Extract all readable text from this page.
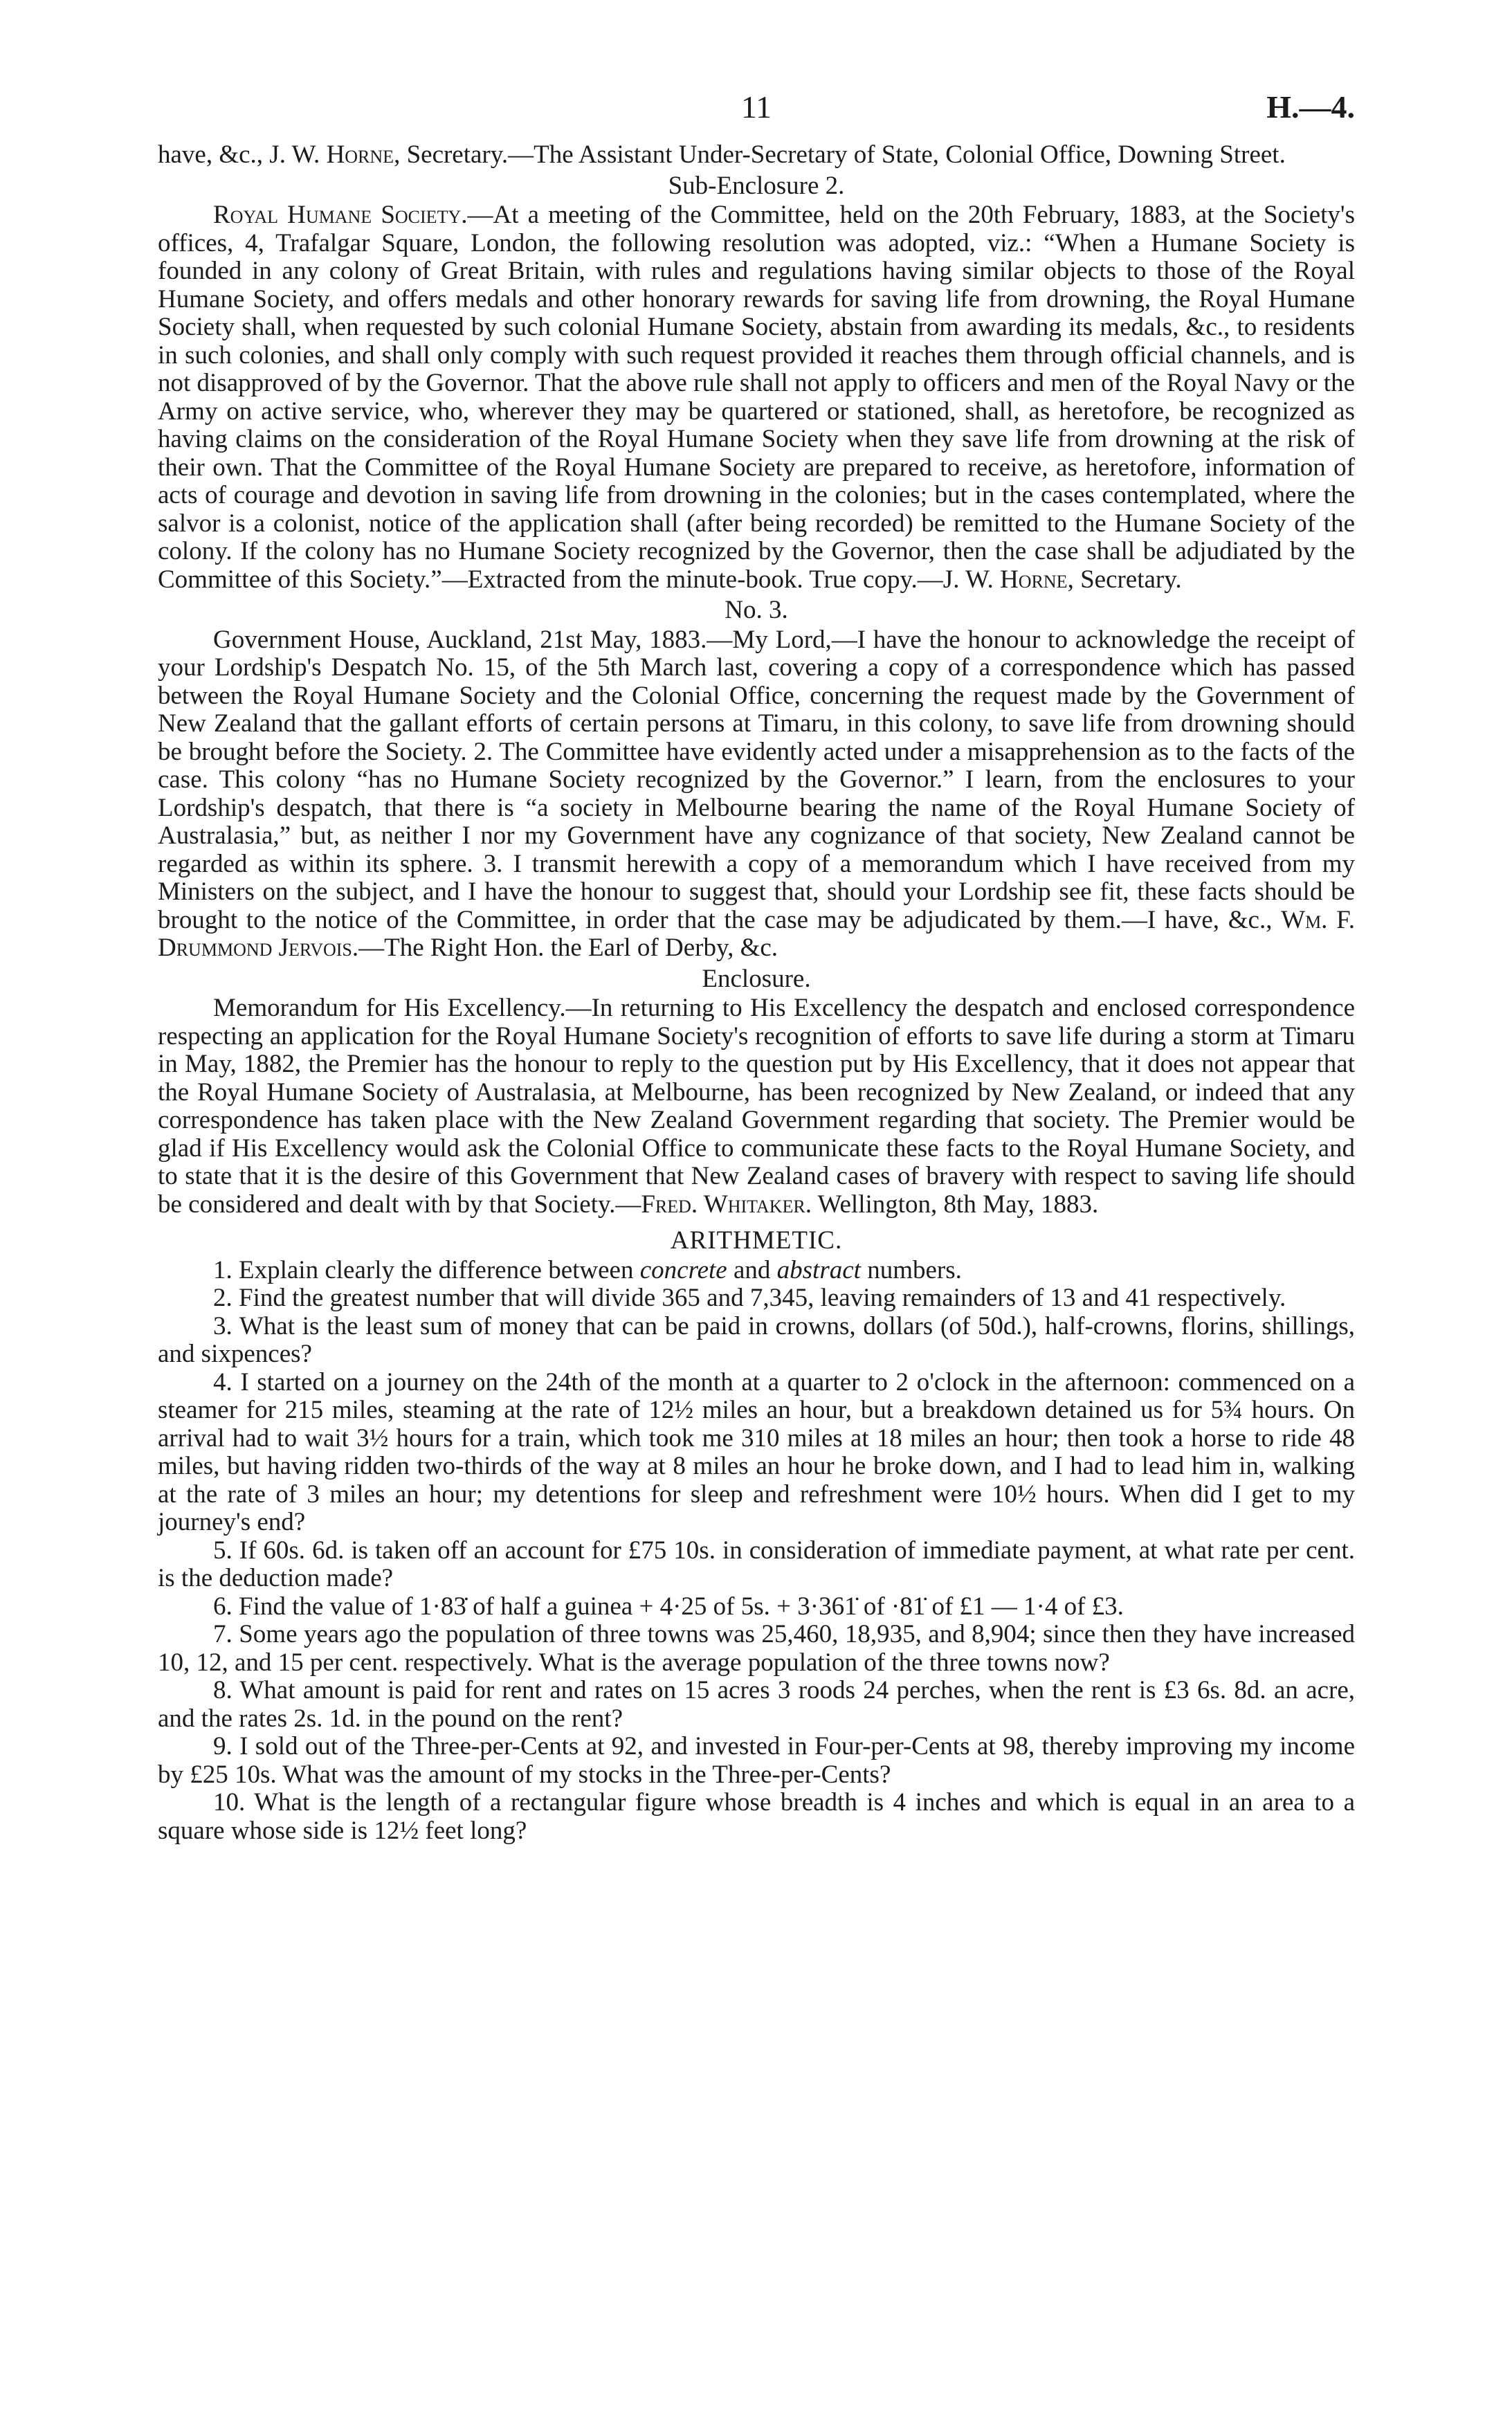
11	H.—4.

have, &c., J. W. Horne, Secretary.—The Assistant Under-Secretary of State, Colonial Office, Downing Street.

Sub-Enclosure 2.

Royal Humane Society.—At a meeting of the Committee, held on the 20th February, 1883, at the Society's offices, 4, Trafalgar Square, London, the following resolution was adopted, viz.: “When a Humane Society is founded in any colony of Great Britain, with rules and regulations having similar objects to those of the Royal Humane Society, and offers medals and other honorary rewards for saving life from drowning, the Royal Humane Society shall, when requested by such colonial Humane Society, abstain from awarding its medals, &c., to residents in such colonies, and shall only comply with such request provided it reaches them through official channels, and is not disapproved of by the Governor. That the above rule shall not apply to officers and men of the Royal Navy or the Army on active service, who, wherever they may be quartered or stationed, shall, as heretofore, be recognized as having claims on the consideration of the Royal Humane Society when they save life from drowning at the risk of their own. That the Committee of the Royal Humane Society are prepared to receive, as heretofore, information of acts of courage and devotion in saving life from drowning in the colonies; but in the cases contemplated, where the salvor is a colonist, notice of the application shall (after being recorded) be remitted to the Humane Society of the colony. If the colony has no Humane Society recognized by the Governor, then the case shall be adjudiated by the Committee of this Society.”—Extracted from the minute-book. True copy.—J. W. Horne, Secretary.

No. 3.

Government House, Auckland, 21st May, 1883.—My Lord,—I have the honour to acknowledge the receipt of your Lordship's Despatch No. 15, of the 5th March last, covering a copy of a correspondence which has passed between the Royal Humane Society and the Colonial Office, concerning the request made by the Government of New Zealand that the gallant efforts of certain persons at Timaru, in this colony, to save life from drowning should be brought before the Society. 2. The Committee have evidently acted under a misapprehension as to the facts of the case. This colony “has no Humane Society recognized by the Governor.” I learn, from the enclosures to your Lordship's despatch, that there is “a society in Melbourne bearing the name of the Royal Humane Society of Australasia,” but, as neither I nor my Government have any cognizance of that society, New Zealand cannot be regarded as within its sphere. 3. I transmit herewith a copy of a memorandum which I have received from my Ministers on the subject, and I have the honour to suggest that, should your Lordship see fit, these facts should be brought to the notice of the Committee, in order that the case may be adjudicated by them.—I have, &c., Wm. F. Drummond Jervois.—The Right Hon. the Earl of Derby, &c.

Enclosure.

Memorandum for His Excellency.—In returning to His Excellency the despatch and enclosed correspondence respecting an application for the Royal Humane Society's recognition of efforts to save life during a storm at Timaru in May, 1882, the Premier has the honour to reply to the question put by His Excellency, that it does not appear that the Royal Humane Society of Australasia, at Melbourne, has been recognized by New Zealand, or indeed that any correspondence has taken place with the New Zealand Government regarding that society. The Premier would be glad if His Excellency would ask the Colonial Office to communicate these facts to the Royal Humane Society, and to state that it is the desire of this Government that New Zealand cases of bravery with respect to saving life should be considered and dealt with by that Society.—Fred. Whitaker. Wellington, 8th May, 1883.

ARITHMETIC.

1. Explain clearly the difference between concrete and abstract numbers.

2. Find the greatest number that will divide 365 and 7,345, leaving remainders of 13 and 41 respectively.

3. What is the least sum of money that can be paid in crowns, dollars (of 50d.), half-crowns, florins, shillings, and sixpences?

4. I started on a journey on the 24th of the month at a quarter to 2 o'clock in the afternoon: commenced on a steamer for 215 miles, steaming at the rate of 12½ miles an hour, but a breakdown detained us for 5¾ hours. On arrival had to wait 3½ hours for a train, which took me 310 miles at 18 miles an hour; then took a horse to ride 48 miles, but having ridden two-thirds of the way at 8 miles an hour he broke down, and I had to lead him in, walking at the rate of 3 miles an hour; my detentions for sleep and refreshment were 10½ hours. When did I get to my journey's end?

5. If 60s. 6d. is taken off an account for £75 10s. in consideration of immediate payment, at what rate per cent. is the deduction made?

6. Find the value of 1·83̇ of half a guinea + 4·25 of 5s. + 3·361̇ of ·81̇ of £1 — 1·4 of £3.

7. Some years ago the population of three towns was 25,460, 18,935, and 8,904; since then they have increased 10, 12, and 15 per cent. respectively. What is the average population of the three towns now?

8. What amount is paid for rent and rates on 15 acres 3 roods 24 perches, when the rent is £3 6s. 8d. an acre, and the rates 2s. 1d. in the pound on the rent?

9. I sold out of the Three-per-Cents at 92, and invested in Four-per-Cents at 98, thereby improving my income by £25 10s. What was the amount of my stocks in the Three-per-Cents?

10. What is the length of a rectangular figure whose breadth is 4 inches and which is equal in an area to a square whose side is 12½ feet long?
